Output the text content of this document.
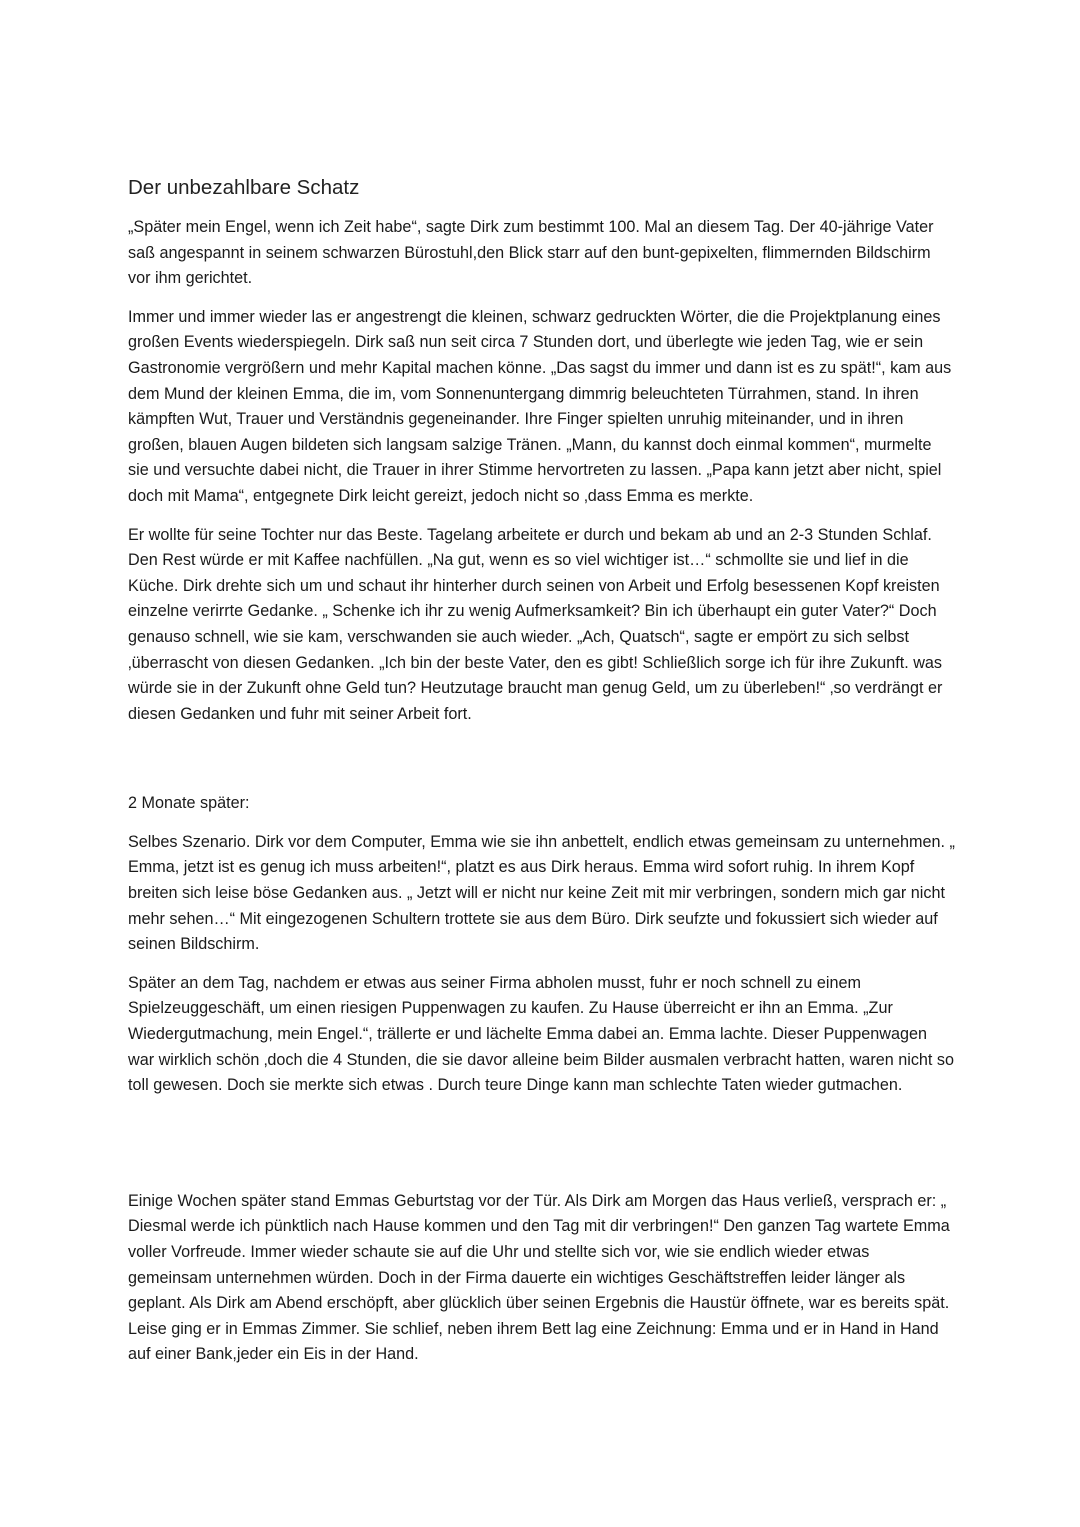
Der unbezahlbare Schatz

„Später mein Engel, wenn ich Zeit habe“, sagte Dirk zum bestimmt 100. Mal an diesem Tag. Der 40-jährige Vater saß angespannt in seinem schwarzen Bürostuhl,den Blick starr auf den bunt-gepixelten, flimmernden Bildschirm vor ihm gerichtet.

Immer und immer wieder las er angestrengt die kleinen, schwarz gedruckten Wörter, die die Projektplanung eines großen Events wiederspiegeln. Dirk saß nun seit circa 7 Stunden dort, und überlegte wie jeden Tag, wie er sein Gastronomie vergrößern und mehr Kapital machen könne. „Das sagst du immer und dann ist es zu spät!“, kam aus dem Mund der kleinen Emma, die im, vom Sonnenuntergang dimmrig beleuchteten Türrahmen, stand. In ihren kämpften Wut, Trauer und Verständnis gegeneinander. Ihre Finger spielten unruhig miteinander, und in ihren großen, blauen Augen bildeten sich langsam salzige Tränen. „Mann, du kannst doch einmal kommen“, murmelte sie und versuchte dabei nicht, die Trauer in ihrer Stimme hervortreten zu lassen. „Papa kann jetzt aber nicht, spiel doch mit Mama“, entgegnete Dirk leicht gereizt, jedoch nicht so ‚dass Emma es merkte.

Er wollte für seine Tochter nur das Beste. Tagelang arbeitete er durch und bekam ab und an 2-3 Stunden Schlaf. Den Rest würde er mit Kaffee nachfüllen. „Na gut, wenn es so viel wichtiger ist…“ schmollte sie und lief in die Küche. Dirk drehte sich um und schaut ihr hinterher durch seinen von Arbeit und Erfolg besessenen Kopf kreisten einzelne verirrte Gedanke. „ Schenke ich ihr zu wenig Aufmerksamkeit? Bin ich überhaupt ein guter Vater?“ Doch genauso schnell, wie sie kam, verschwanden sie auch wieder. „Ach, Quatsch“, sagte er empört zu sich selbst ‚überrascht von diesen Gedanken. „Ich bin der beste Vater, den es gibt! Schließlich sorge ich für ihre Zukunft. was würde sie in der Zukunft ohne Geld tun? Heutzutage braucht man genug Geld, um zu überleben!“ ‚so verdrängt er diesen Gedanken und fuhr mit seiner Arbeit fort.

2 Monate später:

Selbes Szenario. Dirk vor dem Computer, Emma wie sie ihn anbettelt, endlich etwas gemeinsam zu unternehmen. „ Emma, jetzt ist es genug ich muss arbeiten!“, platzt es aus Dirk heraus. Emma wird sofort ruhig. In ihrem Kopf breiten sich leise böse Gedanken aus. „ Jetzt will er nicht nur keine Zeit mit mir verbringen, sondern mich gar nicht mehr sehen…“ Mit eingezogenen Schultern trottete sie aus dem Büro. Dirk seufzte und fokussiert sich wieder auf seinen Bildschirm.

Später an dem Tag, nachdem er etwas aus seiner Firma abholen musst, fuhr er noch schnell zu einem Spielzeuggeschäft, um einen riesigen Puppenwagen zu kaufen. Zu Hause überreicht er ihn an Emma. „Zur Wiedergutmachung, mein Engel.“, trällerte er und lächelte Emma dabei an. Emma lachte. Dieser Puppenwagen war wirklich schön ‚doch die 4 Stunden, die sie davor alleine beim Bilder ausmalen verbracht hatten, waren nicht so toll gewesen. Doch sie merkte sich etwas . Durch teure Dinge kann man schlechte Taten wieder gutmachen.

Einige Wochen später stand Emmas Geburtstag vor der Tür. Als Dirk am Morgen das Haus verließ, versprach er: „ Diesmal werde ich pünktlich nach Hause kommen und den Tag mit dir verbringen!“ Den ganzen Tag wartete Emma voller Vorfreude. Immer wieder schaute sie auf die Uhr und stellte sich vor, wie sie endlich wieder etwas gemeinsam unternehmen würden. Doch in der Firma dauerte ein wichtiges Geschäftstreffen leider länger als geplant. Als Dirk am Abend erschöpft, aber glücklich über seinen Ergebnis die Haustür öffnete, war es bereits spät. Leise ging er in Emmas Zimmer. Sie schlief, neben ihrem Bett lag eine Zeichnung: Emma und er in Hand in Hand auf einer Bank,jeder ein Eis in der Hand.
